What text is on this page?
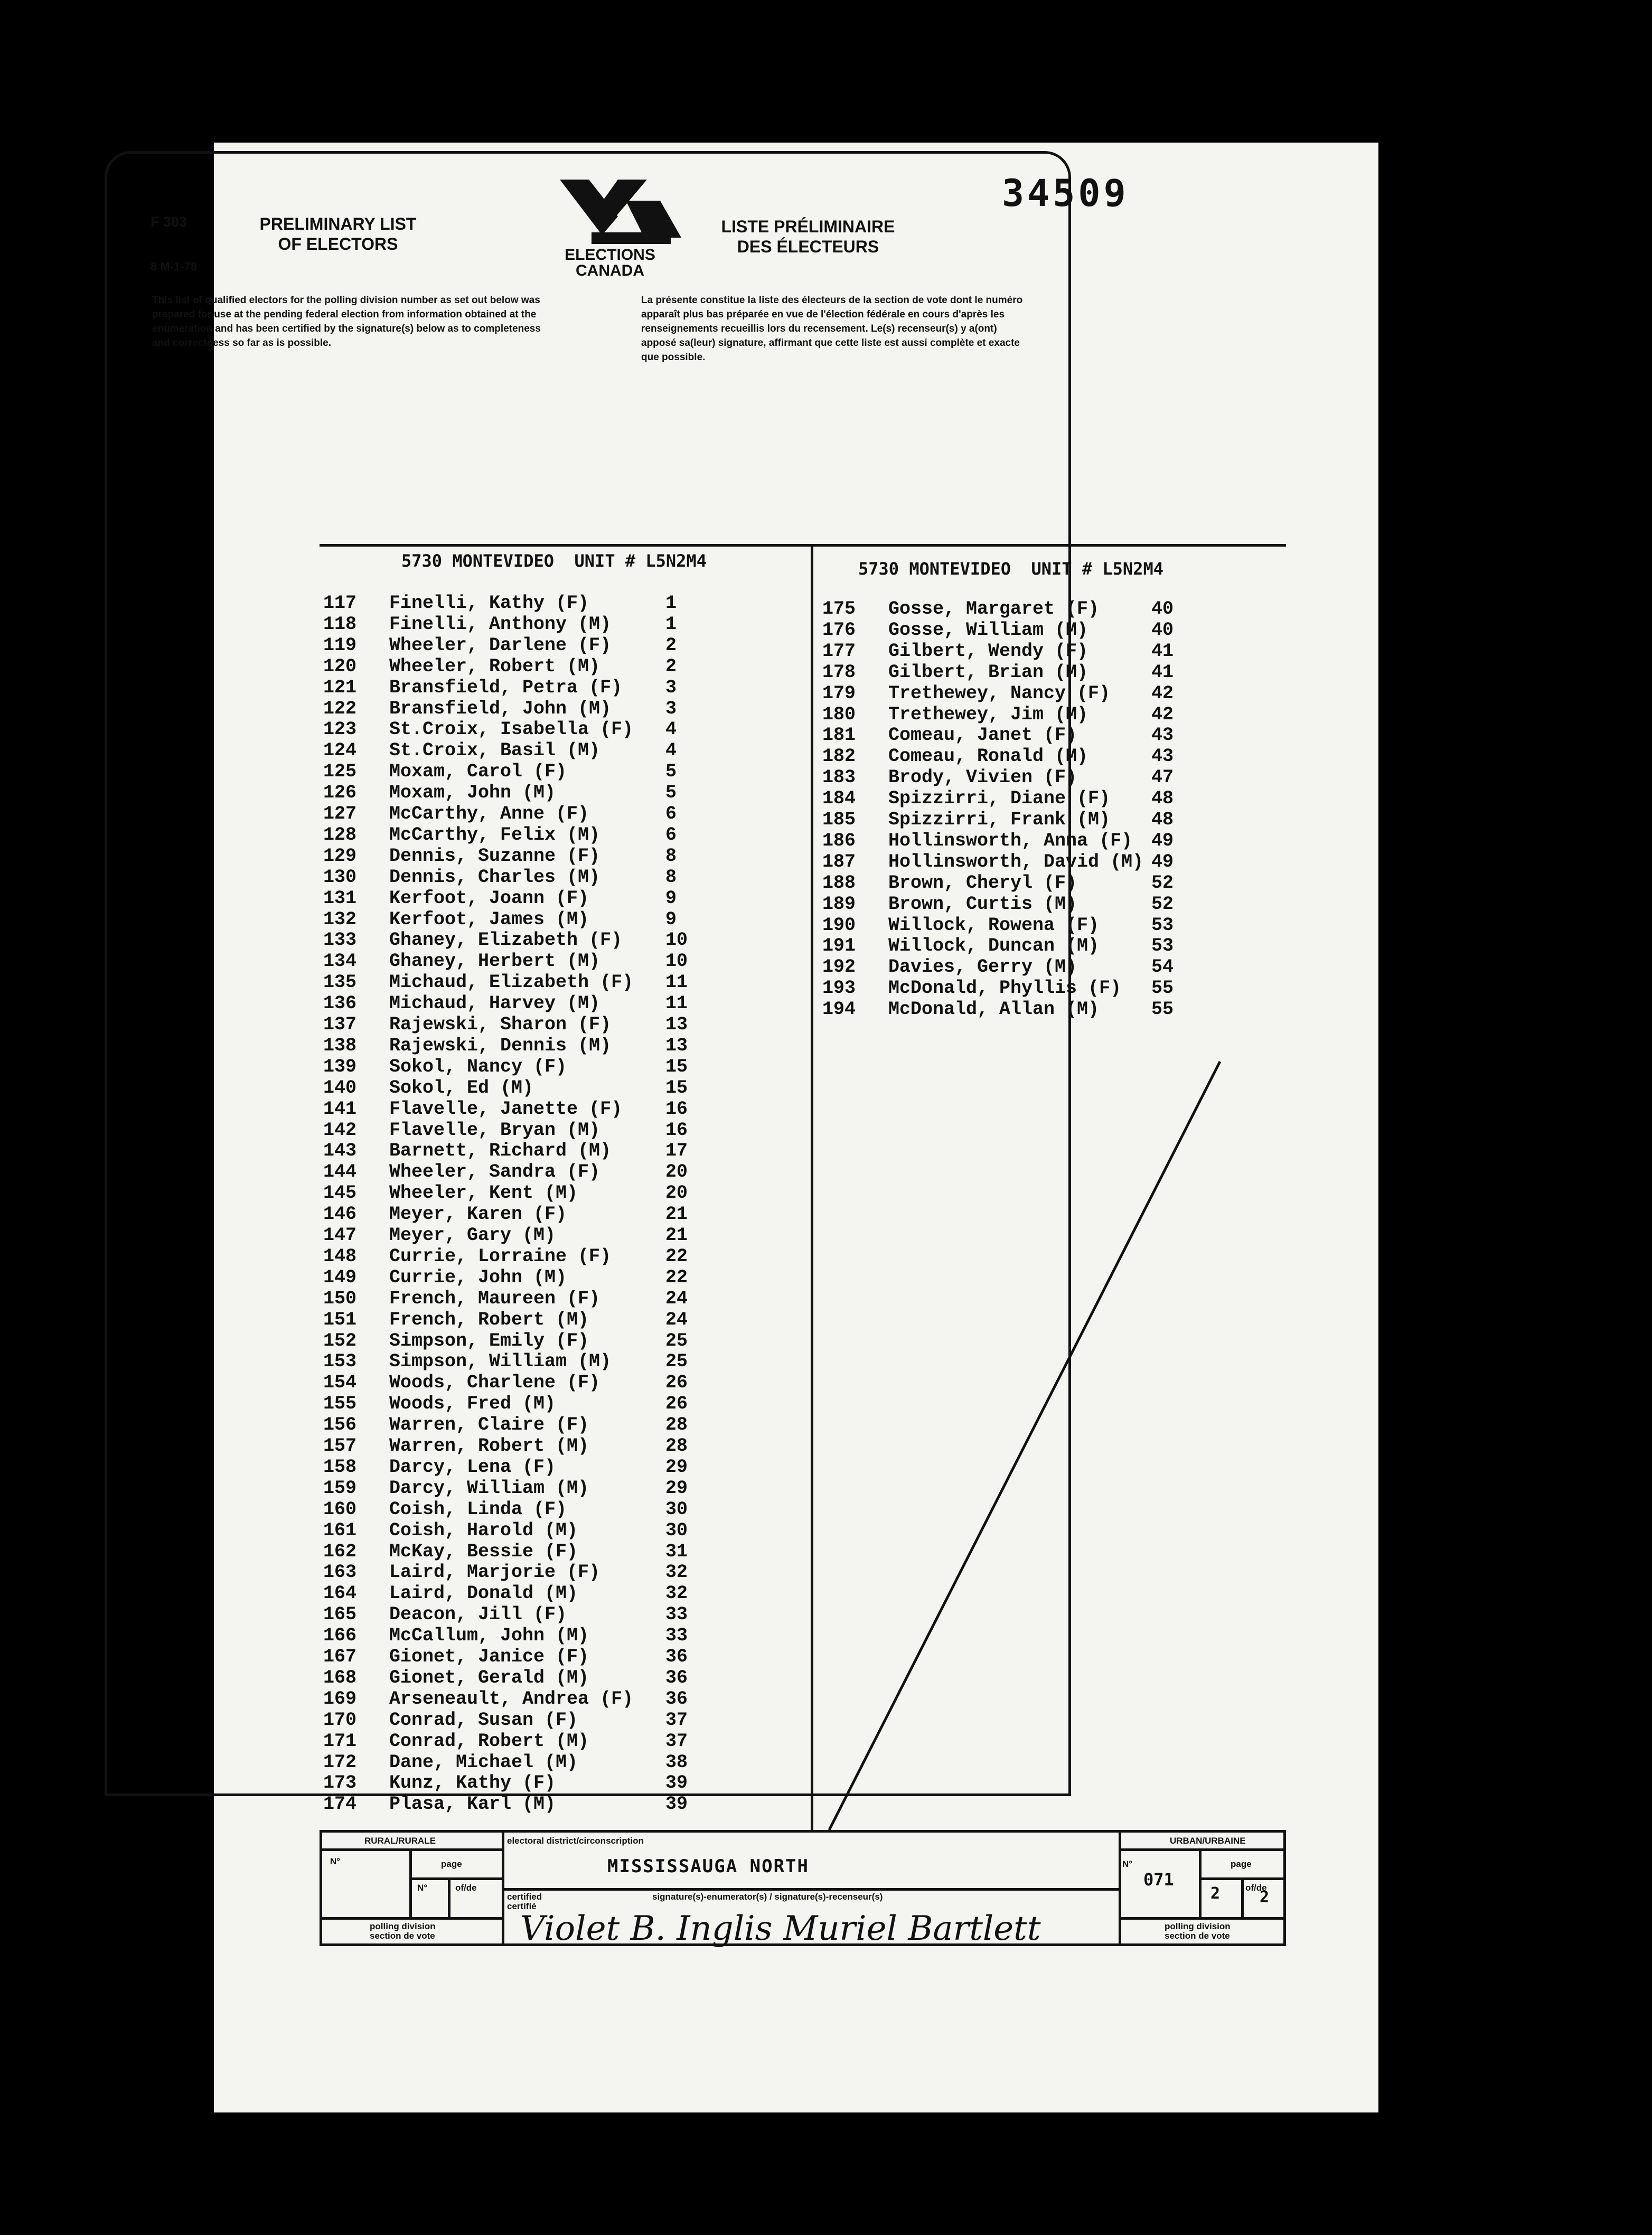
34509
F 303
8 M-1-78
PRELIMINARY LIST OF ELECTORS
LISTE PRÉLIMINAIRE DES ÉLECTEURS
ELECTIONS
CANADA
This list of qualified electors for the polling division number as set out below was prepared for use at the pending federal election from information obtained at the enumeration and has been certified by the signature(s) below as to completeness and correctness so far as is possible.
La présente constitue la liste des électeurs de la section de vote dont le numéro apparaît plus bas préparée en vue de l'élection fédérale en cours d'après les renseignements recueillis lors du recensement. Le(s) recenseur(s) y a(ont) apposé sa(leur) signature, affirmant que cette liste est aussi complète et exacte que possible.
5730 MONTEVIDEO  UNIT # L5N2M4	5730 MONTEVIDEO  UNIT # L5N2M4
117 Finelli, Kathy (F)	1
118 Finelli, Anthony (M)	1
119 Wheeler, Darlene (F)	2
120 Wheeler, Robert (M)	2
121 Bransfield, Petra (F) 3
122 Bransfield, John (M)	3
123 St.Croix, Isabella (F) 4
124 St.Croix, Basil (M)	4
125 Moxam, Carol (F)	5
126 Moxam, John (M)	5
127 McCarthy, Anne (F)	6
128 McCarthy, Felix (M)	6
129 Dennis, Suzanne (F)	8
130 Dennis, Charles (M)	8
131 Kerfoot, Joann (F)	9
132 Kerfoot, James (M)	9
133 Ghaney, Elizabeth (F) 10
134 Ghaney, Herbert (M)	10
135 Michaud, Elizabeth (F) 11
136 Michaud, Harvey (M)	11
137 Rajewski, Sharon (F)	13
138 Rajewski, Dennis (M)	13
139 Sokol, Nancy (F)	15
140 Sokol, Ed (M)	15
141 Flavelle, Janette (F) 16
142 Flavelle, Bryan (M)	16
143 Barnett, Richard (M)	17
144 Wheeler, Sandra (F)	20
145 Wheeler, Kent (M)	20
146 Meyer, Karen (F)	21
147 Meyer, Gary (M)	21
148 Currie, Lorraine (F)	22
149 Currie, John (M)	22
150 French, Maureen (F)	24
151 French, Robert (M)	24
152 Simpson, Emily (F)	25
153 Simpson, William (M)	25
154 Woods, Charlene (F)	26
155 Woods, Fred (M)	26
156 Warren, Claire (F)	28
157 Warren, Robert (M)	28
158 Darcy, Lena (F)	29
159 Darcy, William (M)	29
160 Coish, Linda (F)	30
161 Coish, Harold (M)	30
162 McKay, Bessie (F)	31
163 Laird, Marjorie (F)	32
164 Laird, Donald (M)	32
165 Deacon, Jill (F)	33
166 McCallum, John (M)	33
167 Gionet, Janice (F)	36
168 Gionet, Gerald (M)	36
169 Arseneault, Andrea (F) 36
170 Conrad, Susan (F)	37
171 Conrad, Robert (M)	37
172 Dane, Michael (M)	38
173 Kunz, Kathy (F)	39
174 Plasa, Karl (M)	39
175 Gosse, Margaret (F)	40
176 Gosse, William (M)	40
177 Gilbert, Wendy (F)	41
178 Gilbert, Brian (M)	41
179 Trethewey, Nancy (F) 42
180 Trethewey, Jim (M)	42
181 Comeau, Janet (F)	43
182 Comeau, Ronald (M)	43
183 Brody, Vivien (F)	47
184 Spizzirri, Diane (F) 48
185 Spizzirri, Frank (M) 48
186 Hollinsworth, Anna (F) 49
187 Hollinsworth, David (M) 49
188 Brown, Cheryl (F)	52
189 Brown, Curtis (M)	52
190 Willock, Rowena (F)	53
191 Willock, Duncan (M)	53
192 Davies, Gerry (M)	54
193 McDonald, Phyllis (F) 55
194 McDonald, Allan (M)	55
RURAL/RURALE
N°	page
N°	of/de
polling division
section de vote
electoral district/circonscription
MISSISSAUGA NORTH
certified
certifié
signature(s)-enumerator(s) / signature(s)-recenseur(s)
Violet B. Inglis Muriel Bartlett
URBAN/URBAINE
N°
071
page
2	of/de
2
polling division
section de vote
